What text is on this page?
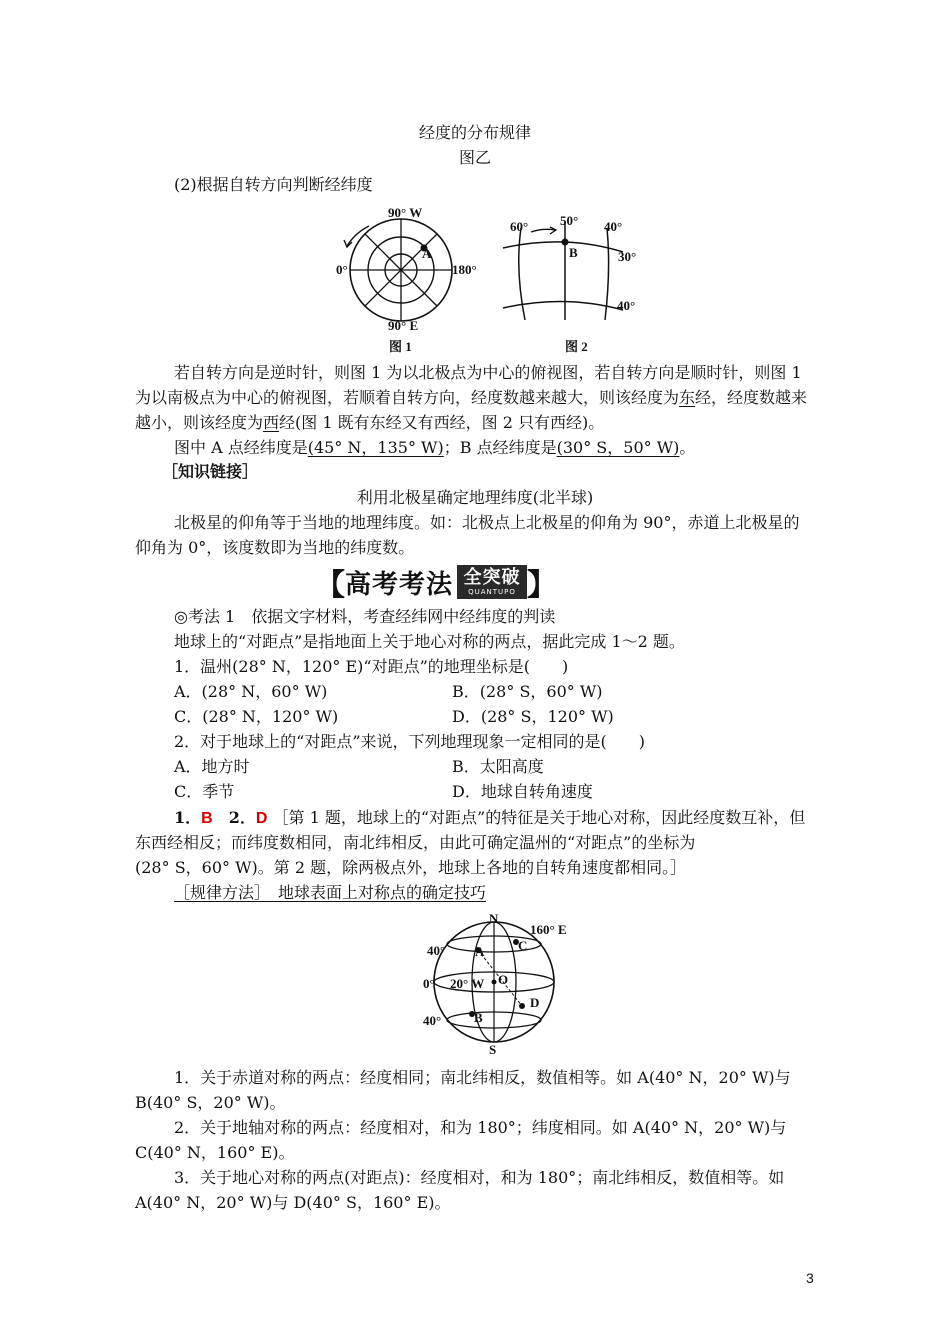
经度的分布规律
图乙
(2)根据自转方向判断经纬度
90° W
0°	180°
A
90° E
图 1
60° 50° 40°
B	30°
40°
图 2
若自转方向是逆时针，则图 1 为以北极点为中心的俯视图，若自转方向是顺时针，则图 1
为以南极点为中心的俯视图，若顺着自转方向，经度数越来越大，则该经度为东经，经度数越来
越小，则该经度为西经(图 1 既有东经又有西经，图 2 只有西经)。
图中 A 点经纬度是(45° N，135° W)；B 点经纬度是(30° S，50° W)。
［知识链接］
利用北极星确定地理纬度(北半球)
北极星的仰角等于当地的地理纬度。如：北极点上北极星的仰角为 90°，赤道上北极星的
仰角为 0°，该度数即为当地的纬度数。
【 高考考法 全突破
QUANTUPO 】
◎考法 1　依据文字材料，考查经纬网中经纬度的判读
地球上的“对距点”是指地面上关于地心对称的两点，据此完成 1～2 题。
1．温州(28° N，120° E)“对距点”的地理坐标是(　　)
A．(28° N，60° W)	B．(28° S，60° W)
C．(28° N，120° W)	D．(28° S，120° W)
2．对于地球上的“对距点”来说，下列地理现象一定相同的是(　　)
A．地方时	B．太阳高度
C．季节	D．地球自转角速度
1．B　 2．D ［第 1 题，地球上的“对距点”的特征是关于地心对称，因此经度数互补，但
东西经相反；而纬度数相同，南北纬相反，由此可确定温州的“对距点”的坐标为
(28° S，60° W)。第 2 题，除两极点外，地球上各地的自转角速度都相同。］
［规律方法］　地球表面上对称点的确定技巧
N
160° E
40° A	C
0° 20° W O
D
40°	B
S
1．关于赤道对称的两点：经度相同；南北纬相反，数值相等。如 A(40° N，20° W)与
B(40° S，20° W)。
2．关于地轴对称的两点：经度相对，和为 180°；纬度相同。如 A(40° N，20° W)与
C(40° N，160° E)。
3．关于地心对称的两点(对距点)：经度相对，和为 180°；南北纬相反，数值相等。如
A(40° N，20° W)与 D(40° S，160° E)。
3
